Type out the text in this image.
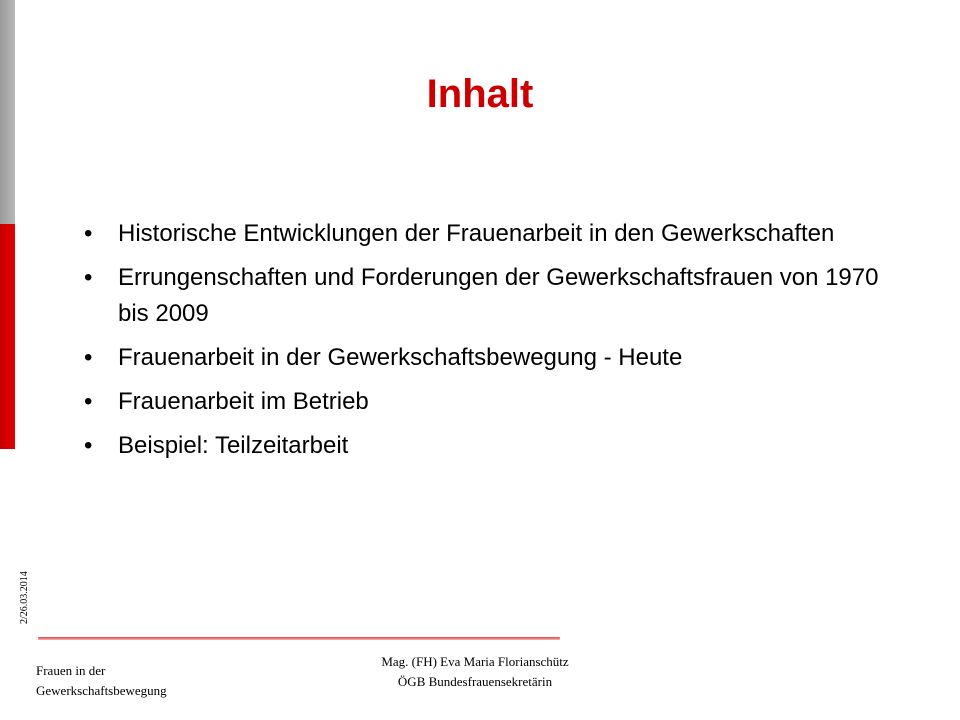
Inhalt
• Historische Entwicklungen der Frauenarbeit in den Gewerkschaften
• Errungenschaften und Forderungen der Gewerkschaftsfrauen von 1970 bis 2009
• Frauenarbeit in der Gewerkschaftsbewegung - Heute
• Frauenarbeit im Betrieb
• Beispiel: Teilzeitarbeit
2/26.03.2014
Frauen in der
Gewerkschaftsbewegung
Mag. (FH) Eva Maria Florianschütz
ÖGB Bundesfrauensekretärin
